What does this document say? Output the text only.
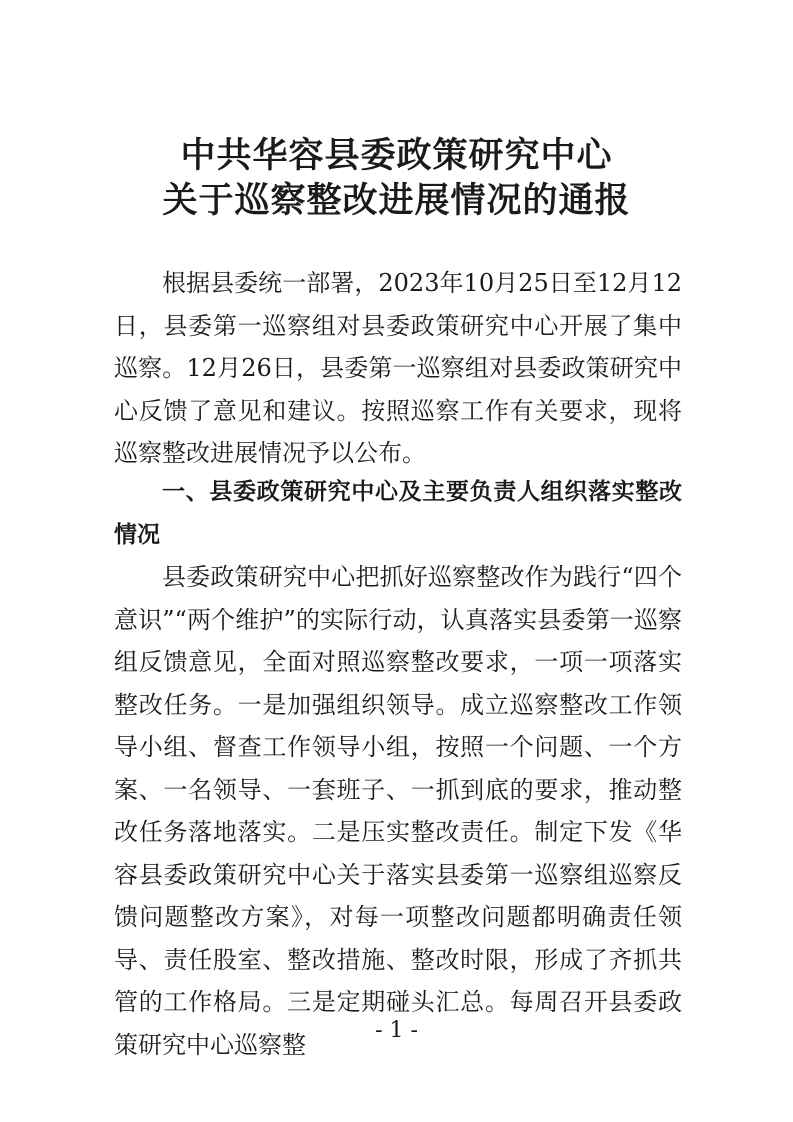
中共华容县委政策研究中心
关于巡察整改进展情况的通报

根据县委统一部署，2023年10月25日至12月12日，县委第一巡察组对县委政策研究中心开展了集中巡察。12月26日，县委第一巡察组对县委政策研究中心反馈了意见和建议。按照巡察工作有关要求，现将巡察整改进展情况予以公布。

一、县委政策研究中心及主要负责人组织落实整改情况

县委政策研究中心把抓好巡察整改作为践行“四个意识”“两个维护”的实际行动，认真落实县委第一巡察组反馈意见，全面对照巡察整改要求，一项一项落实整改任务。一是加强组织领导。成立巡察整改工作领导小组、督查工作领导小组，按照一个问题、一个方案、一名领导、一套班子、一抓到底的要求，推动整改任务落地落实。二是压实整改责任。制定下发《华容县委政策研究中心关于落实县委第一巡察组巡察反馈问题整改方案》，对每一项整改问题都明确责任领导、责任股室、整改措施、整改时限，形成了齐抓共管的工作格局。三是定期碰头汇总。每周召开县委政策研究中心巡察整	- 1 -
